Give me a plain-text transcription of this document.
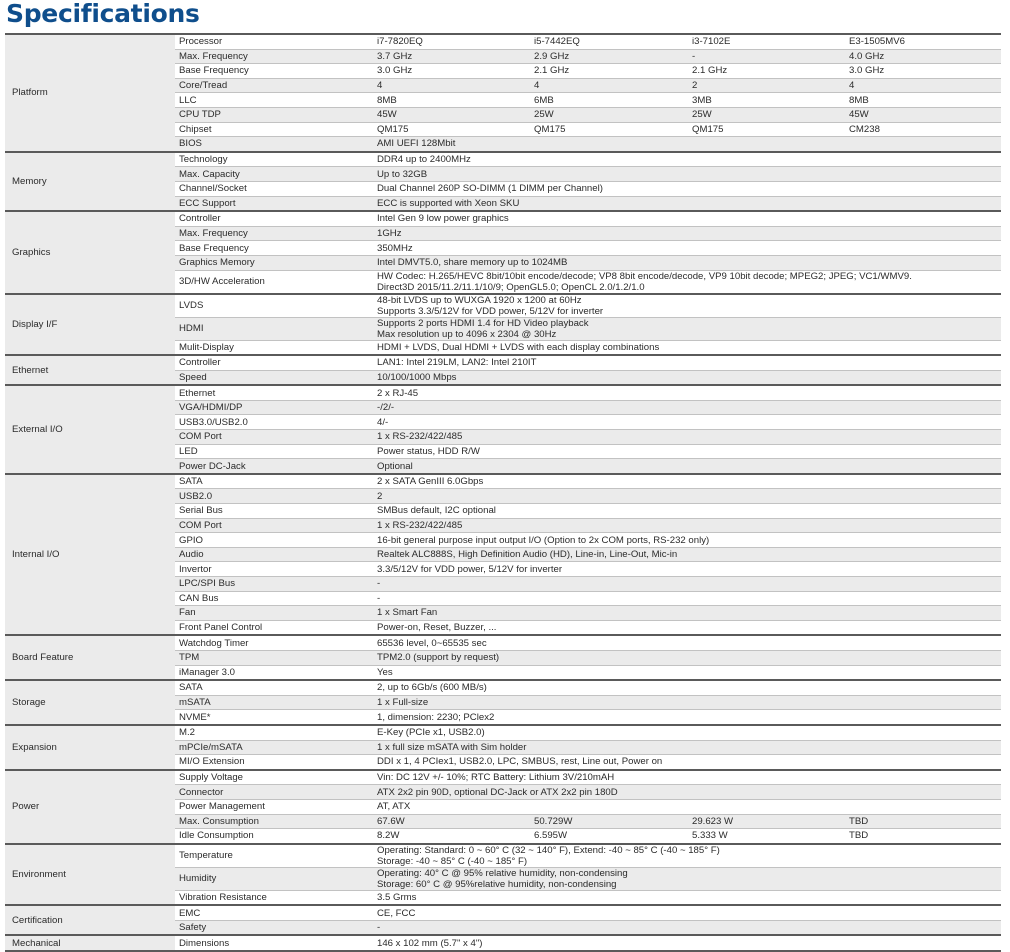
Specifications
Platform	Processor	i7-7820EQ	i5-7442EQ	i3-7102E	E3-1505MV6
	Max. Frequency	3.7 GHz	2.9 GHz	-	4.0 GHz
	Base Frequency	3.0 GHz	2.1 GHz	2.1 GHz	3.0 GHz
	Core/Tread	4	4	2	4
	LLC	8MB	6MB	3MB	8MB
	CPU TDP	45W	25W	25W	45W
	Chipset	QM175	QM175	QM175	CM238
	BIOS	AMI UEFI 128Mbit			

Memory	Technology	DDR4 up to 2400MHz			

	Max. Capacity	Up to 32GB			

	Channel/Socket	Dual Channel 260P SO-DIMM (1 DIMM per Channel)			

	ECC Support	ECC is supported with Xeon SKU			

Graphics	Controller	Intel Gen 9 low power graphics			

	Max. Frequency	1GHz			

	Base Frequency	350MHz			

	Graphics Memory	Intel DMVT5.0, share memory up to 1024MB			

	3D/HW Acceleration	HW Codec: H.265/HEVC 8bit/10bit encode/decode; VP8 8bit encode/decode, VP9 10bit decode; MPEG2; JPEG; VC1/WMV9.
Direct3D 2015/11.2/11.1/10/9; OpenGL5.0; OpenCL 2.0/1.2/1.0			

Display I/F	LVDS	48-bit LVDS up to WUXGA 1920 x 1200 at 60Hz
Supports 3.3/5/12V for VDD power, 5/12V for inverter			

	HDMI	Supports 2 ports HDMI 1.4 for HD Video playback
Max resolution up to 4096 x 2304 @ 30Hz			

	Mulit-Display	HDMI + LVDS, Dual HDMI + LVDS with each display combinations			

Ethernet	Controller	LAN1: Intel 219LM, LAN2: Intel 210IT			

	Speed	10/100/1000 Mbps			

External I/O	Ethernet	2 x RJ-45			

	VGA/HDMI/DP	-/2/-			

	USB3.0/USB2.0	4/-			

	COM Port	1 x RS-232/422/485			

	LED	Power status, HDD R/W			

	Power DC-Jack	Optional			

Internal I/O	SATA	2 x SATA GenIII 6.0Gbps			

	USB2.0	2			

	Serial Bus	SMBus default, I2C optional			

	COM Port	1 x RS-232/422/485			

	GPIO	16-bit general purpose input output I/O (Option to 2x COM ports, RS-232 only)			

	Audio	Realtek ALC888S, High Definition Audio (HD), Line-in, Line-Out, Mic-in			

	Invertor	3.3/5/12V for VDD power, 5/12V for inverter			

	LPC/SPI Bus	-			

	CAN Bus	-			

	Fan	1 x Smart Fan			

	Front Panel Control	Power-on, Reset, Buzzer, ...			

Board Feature	Watchdog Timer	65536 level, 0~65535 sec			

	TPM	TPM2.0 (support by request)			

	iManager 3.0	Yes			

Storage	SATA	2, up to 6Gb/s (600 MB/s)			

	mSATA	1 x Full-size			

	NVME*	1, dimension: 2230; PClex2			

Expansion	M.2	E-Key (PCIe x1, USB2.0)			

	mPCIe/mSATA	1 x full size mSATA with Sim holder			

	MI/O Extension	DDI x 1, 4 PCIex1, USB2.0, LPC, SMBUS, rest, Line out, Power on			

Power	Supply Voltage	Vin: DC 12V +/- 10%; RTC Battery: Lithium 3V/210mAH			

	Connector	ATX 2x2 pin 90D, optional DC-Jack or ATX 2x2 pin 180D			

	Power Management	AT, ATX			

	Max. Consumption	67.6W	50.729W	29.623 W	TBD
	Idle Consumption	8.2W	6.595W	5.333 W	TBD
Environment	Temperature	Operating: Standard: 0 ~ 60° C (32 ~ 140° F), Extend: -40 ~ 85° C (-40 ~ 185° F)
Storage: -40 ~ 85° C (-40 ~ 185° F)			

	Humidity	Operating: 40° C @ 95% relative humidity, non-condensing
Storage: 60° C @ 95%relative humidity, non-condensing			

	Vibration Resistance	3.5 Grms			

Certification	EMC	CE, FCC			

	Safety	-			

Mechanical	Dimensions	146 x 102 mm (5.7" x 4")			
